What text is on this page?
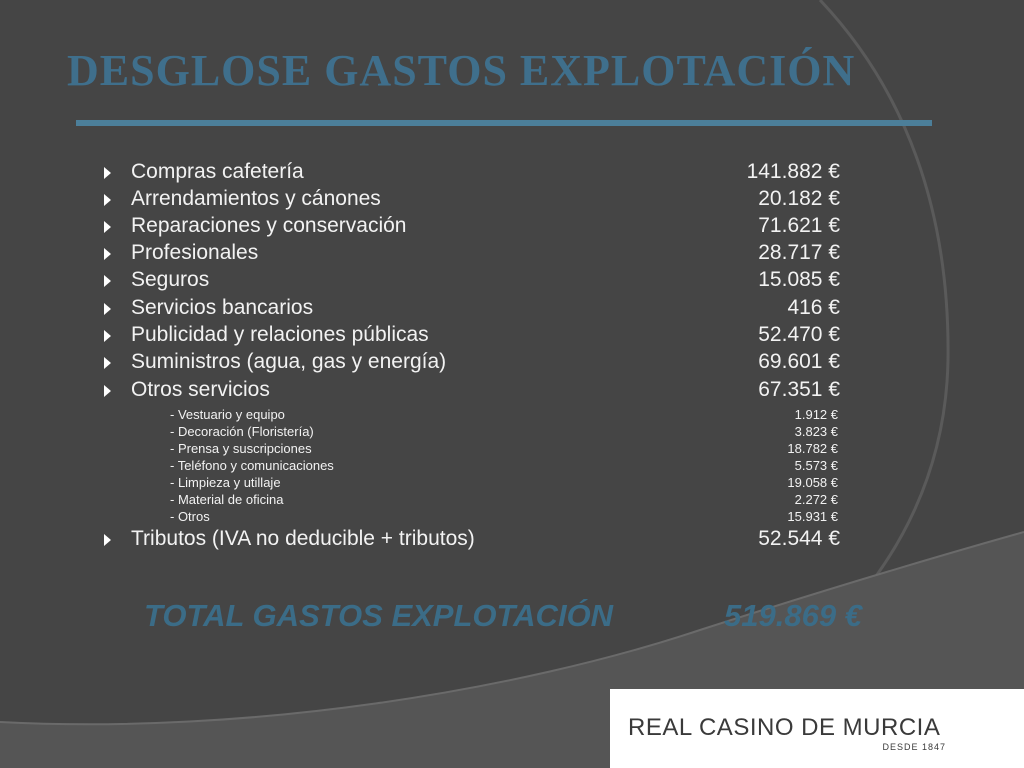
DESGLOSE GASTOS EXPLOTACIÓN
Compras cafetería	141.882 €
Arrendamientos y cánones	20.182 €
Reparaciones y conservación	71.621 €
Profesionales	28.717 €
Seguros	15.085 €
Servicios bancarios	416 €
Publicidad y relaciones públicas	52.470 €
Suministros (agua, gas y energía)	69.601 €
Otros servicios	67.351 €
- Vestuario y equipo	1.912 €
- Decoración (Floristería)	3.823 €
- Prensa y suscripciones	18.782 €
- Teléfono y comunicaciones	5.573 €
- Limpieza y utillaje	19.058 €
- Material de oficina	2.272 €
- Otros	15.931 €
Tributos (IVA no deducible + tributos)	52.544 €
TOTAL GASTOS EXPLOTACIÓN	519.869 €
REAL CASINO DE MURCIA
DESDE 1847
